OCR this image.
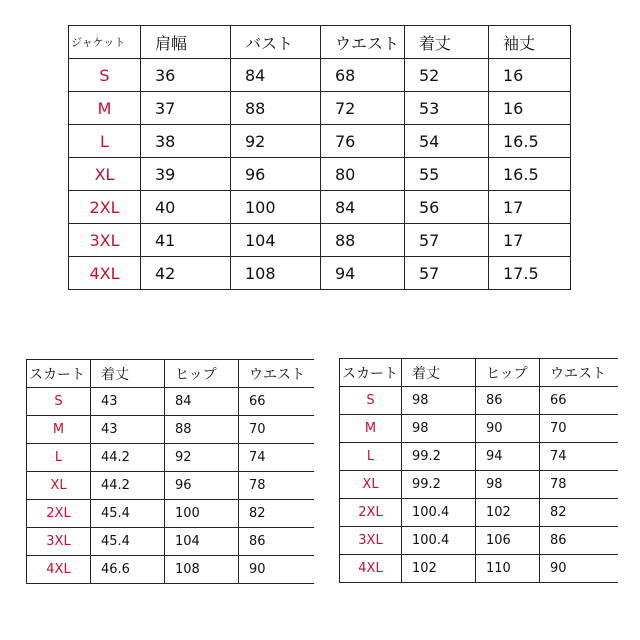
ジャケット	肩幅	バスト	ウエスト	着丈	袖丈
S	36	84	68	52	16
M	37	88	72	53	16
L	38	92	76	54	16.5
XL	39	96	80	55	16.5
2XL	40	100	84	56	17
3XL	41	104	88	57	17
4XL	42	108	94	57	17.5
スカート	着丈	ヒップ	ウエスト
S	43	84	66
M	43	88	70
L	44.2	92	74
XL	44.2	96	78
2XL	45.4	100	82
3XL	45.4	104	86
4XL	46.6	108	90
スカート	着丈	ヒップ	ウエスト
S	98	86	66
M	98	90	70
L	99.2	94	74
XL	99.2	98	78
2XL	100.4	102	82
3XL	100.4	106	86
4XL	102	110	90
